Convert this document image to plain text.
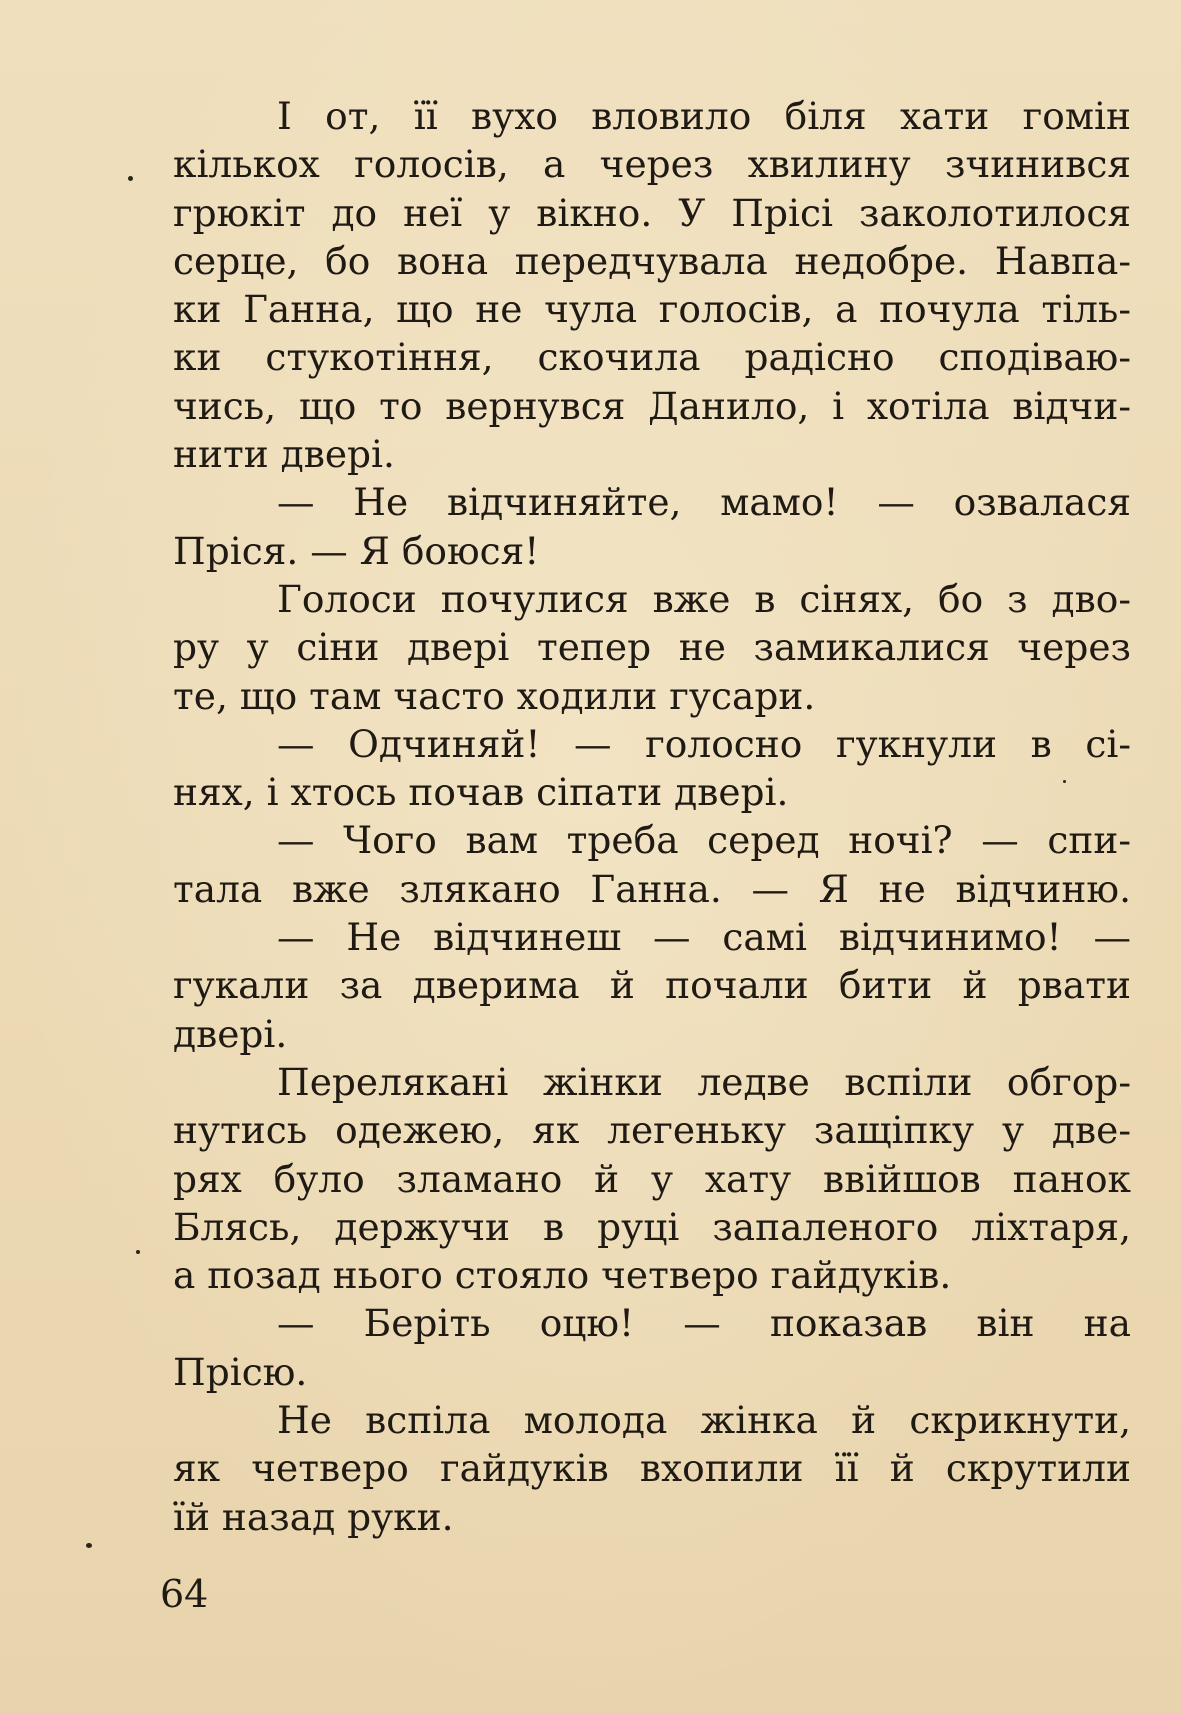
І от, її вухо вловило біля хати гомін
кількох голосів, а через хвилину зчинився
грюкіт до неї у вікно. У Прісі заколотилося
серце, бо вона передчувала недобре. Навпа-
ки Ганна, що не чула голосів, а почула тіль-
ки стукотіння, скочила радісно сподіваю-
чись, що то вернувся Данило, і хотіла відчи-
нити двері.
— Не відчиняйте, мамо! — озвалася
Пріся. — Я боюся!
Голоси почулися вже в сінях, бо з дво-
ру у сіни двері тепер не замикалися через
те, що там часто ходили гусари.
— Одчиняй! — голосно гукнули в сі-
нях, і хтось почав сіпати двері.
— Чого вам треба серед ночі? — спи-
тала вже злякано Ганна. — Я не відчиню.
— Не відчинеш — самі відчинимо! —
гукали за дверима й почали бити й рвати
двері.
Перелякані жінки ледве вспіли обгор-
нутись одежею, як легеньку защіпку у две-
рях було зламано й у хату ввійшов панок
Блясь, держучи в руці запаленого ліхтаря,
а позад нього стояло четверо гайдуків.
— Беріть оцю! — показав він на
Прісю.
Не вспіла молода жінка й скрикнути,
як четверо гайдуків вхопили її й скрутили
їй назад руки.
64
